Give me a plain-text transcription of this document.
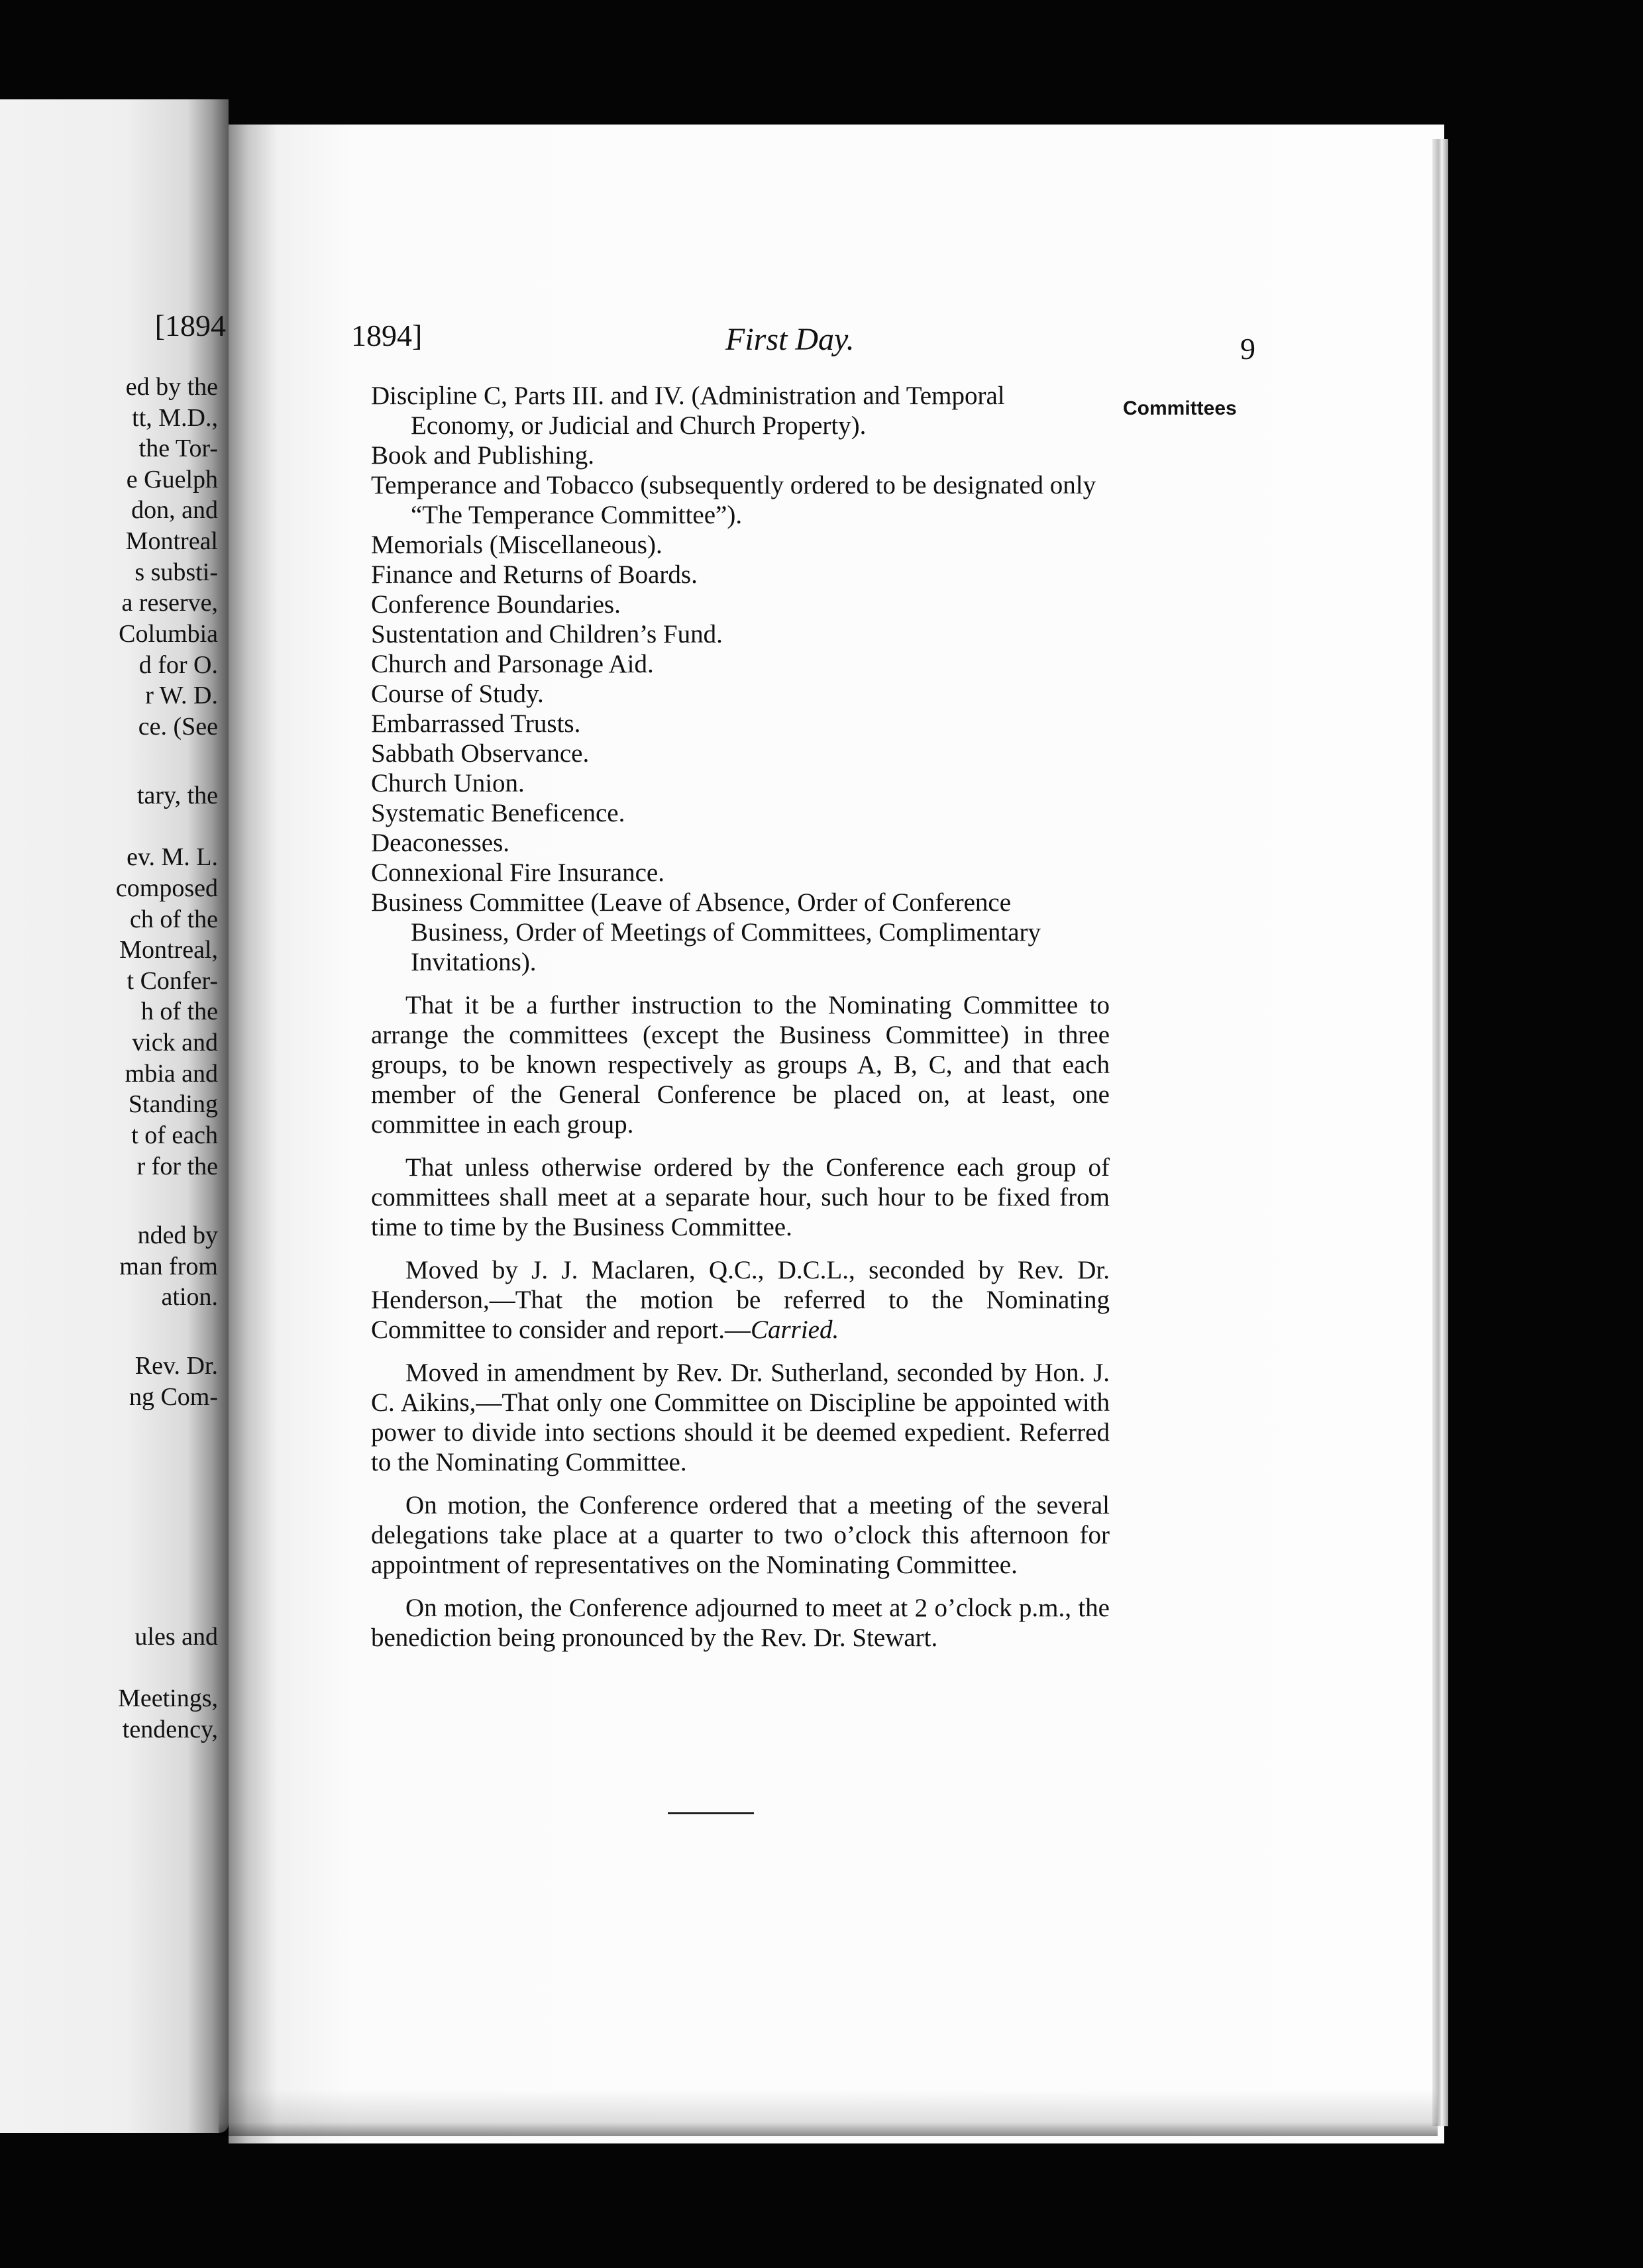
[1894
ed by the
tt, M.D.,
the Tor-
e Guelph
don, and
Montreal
s substi-
a reserve,
Columbia
d for O.
r W. D.
ce. (See
tary, the
ev. M. L.
composed
ch of the
Montreal,
t Confer-
h of the
vick and
mbia and
Standing
t of each
r for the
nded by
man from
ation.
Rev. Dr.
ng Com-
ules and
Meetings,
tendency,
1894]	First Day.	9
Committees
Discipline C, Parts III. and IV. (Administration and Temporal Economy, or Judicial and Church Property).
Book and Publishing.
Temperance and Tobacco (subsequently ordered to be designated only “The Temperance Committee”).
Memorials (Miscellaneous).
Finance and Returns of Boards.
Conference Boundaries.
Sustentation and Children’s Fund.
Church and Parsonage Aid.
Course of Study.
Embarrassed Trusts.
Sabbath Observance.
Church Union.
Systematic Beneficence.
Deaconesses.
Connexional Fire Insurance.
Business Committee (Leave of Absence, Order of Conference Business, Order of Meetings of Committees, Complimentary Invitations).

That it be a further instruction to the Nominating Committee to arrange the committees (except the Business Committee) in three groups, to be known respectively as groups A, B, C, and that each member of the General Conference be placed on, at least, one committee in each group.

That unless otherwise ordered by the Conference each group of committees shall meet at a separate hour, such hour to be fixed from time to time by the Business Committee.

Moved by J. J. Maclaren, Q.C., D.C.L., seconded by Rev. Dr. Henderson,—That the motion be referred to the Nominating Committee to consider and report.—Carried.

Moved in amendment by Rev. Dr. Sutherland, seconded by Hon. J. C. Aikins,—That only one Committee on Discipline be appointed with power to divide into sections should it be deemed expedient. Referred to the Nominating Committee.

On motion, the Conference ordered that a meeting of the several delegations take place at a quarter to two o’clock this afternoon for appointment of representatives on the Nominating Committee.

On motion, the Conference adjourned to meet at 2 o’clock p.m., the benediction being pronounced by the Rev. Dr. Stewart.
